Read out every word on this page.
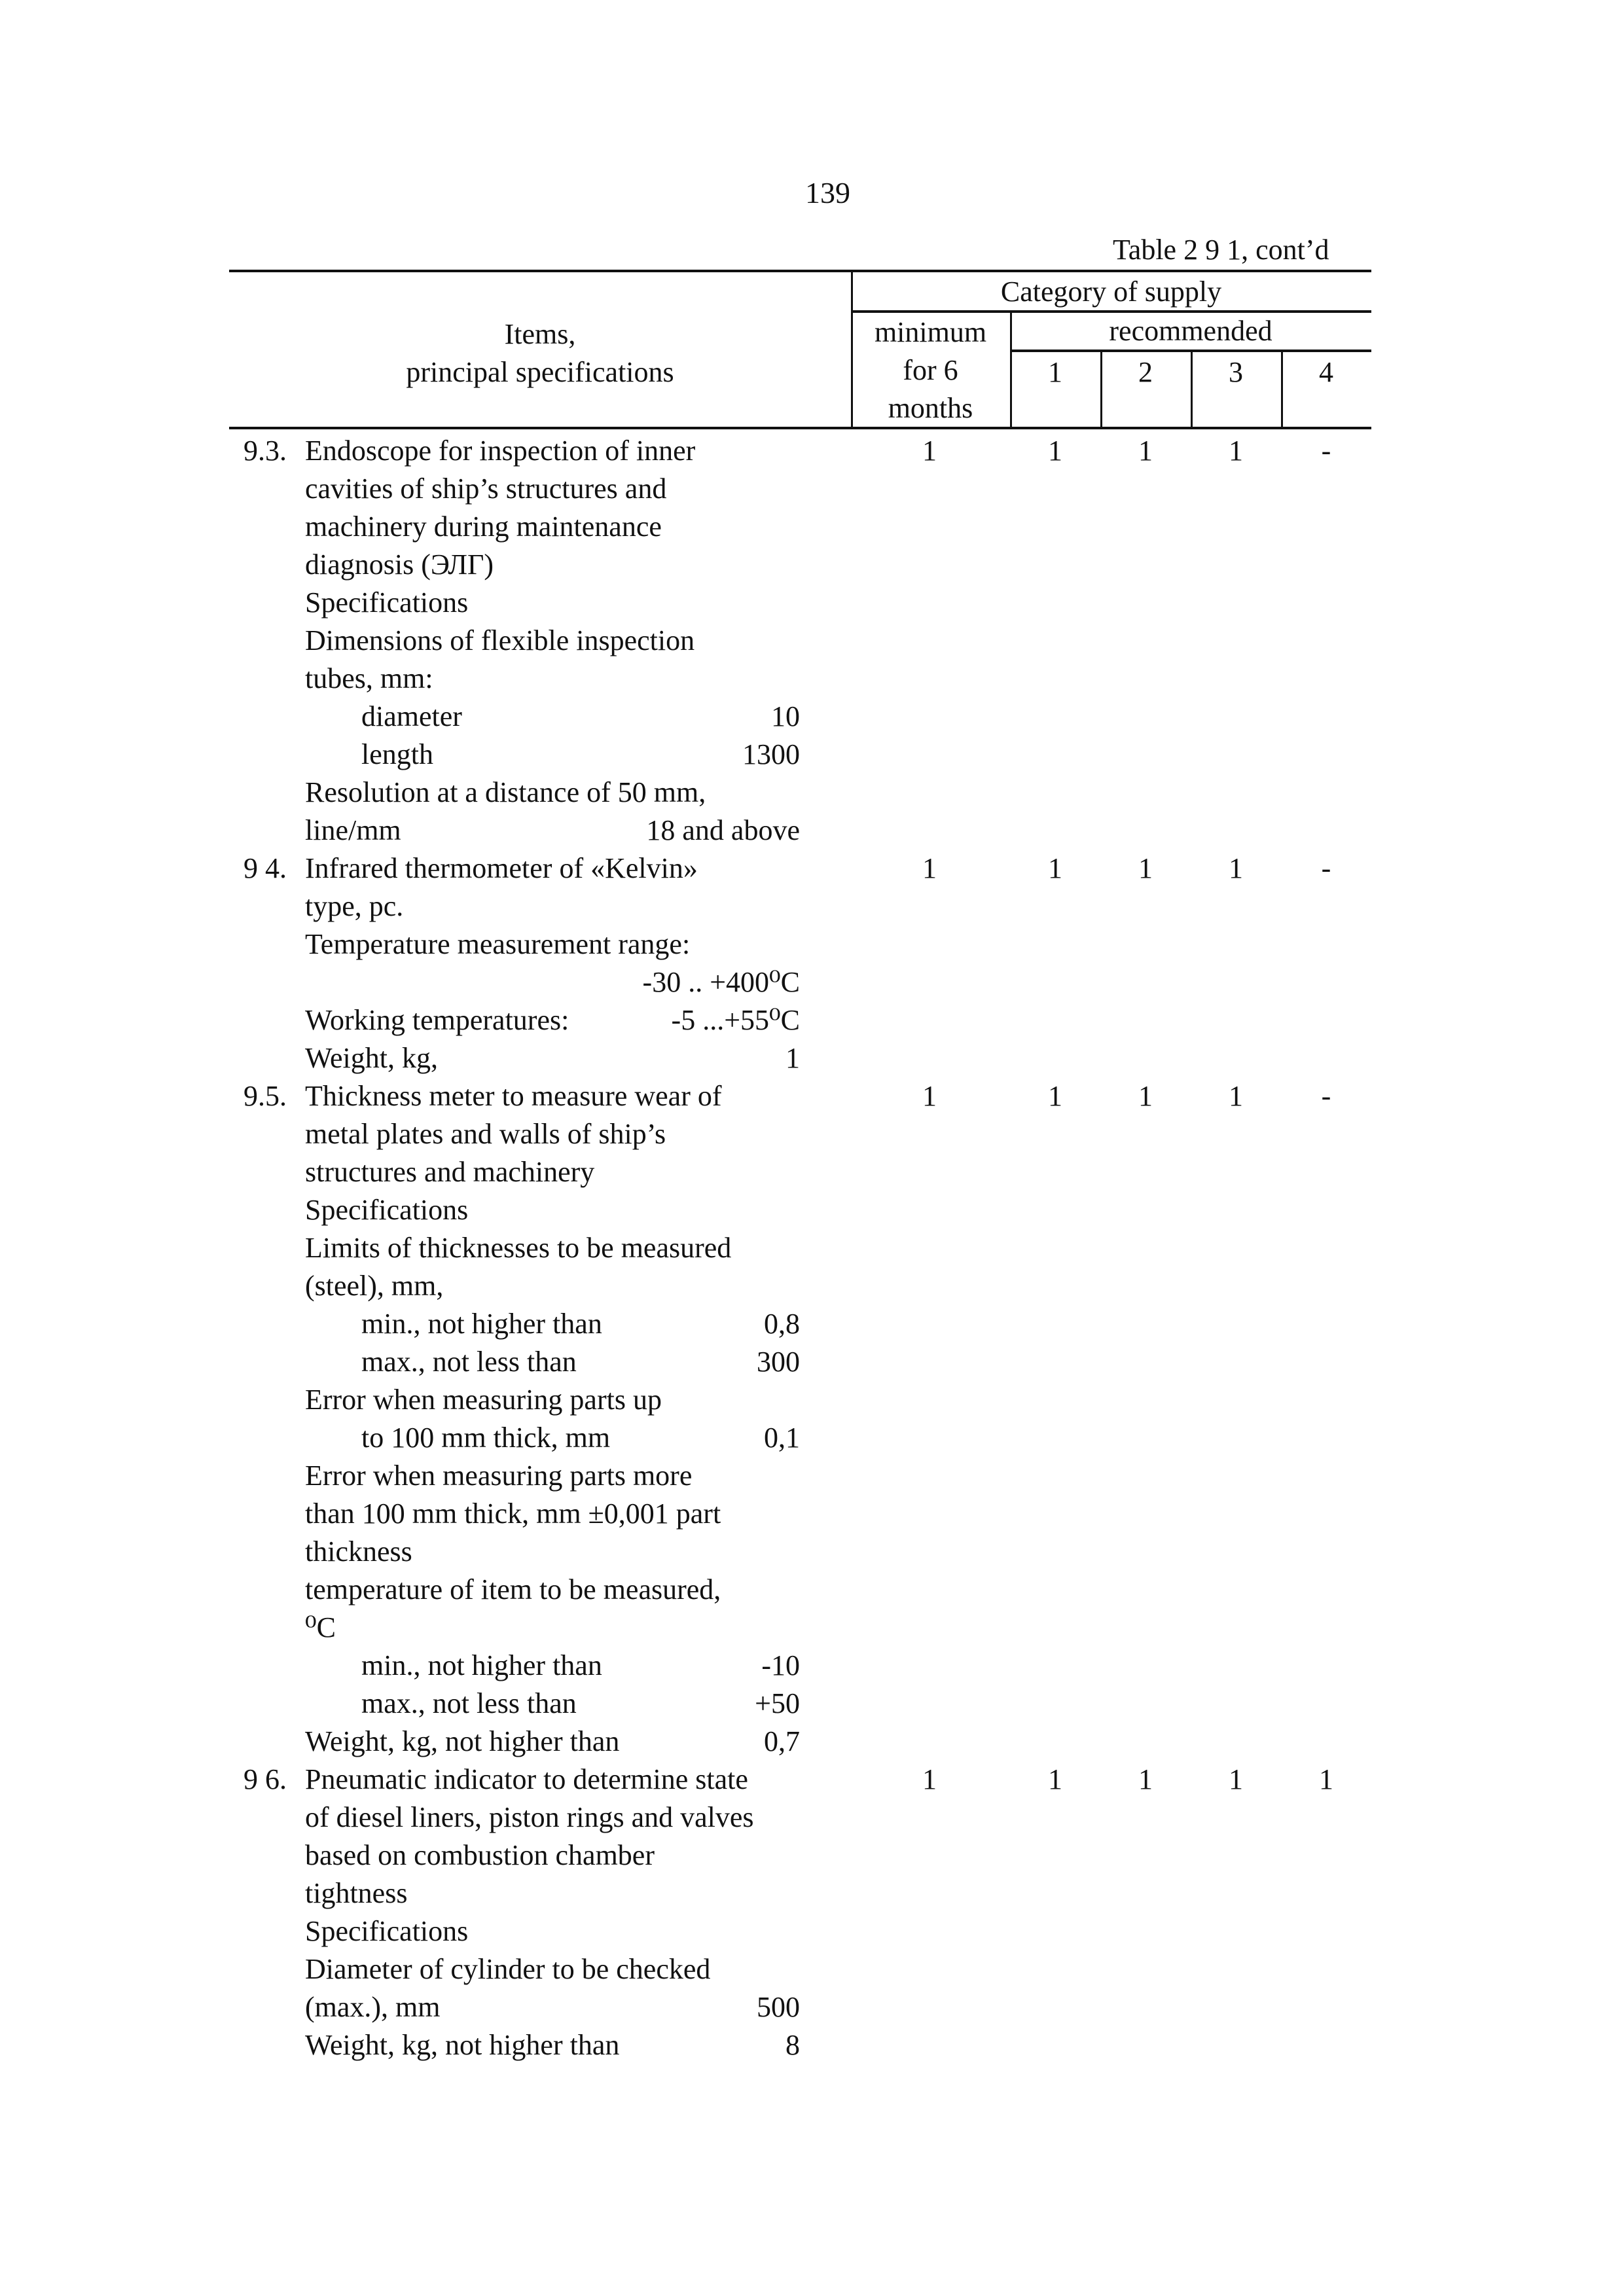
139
Table 2 9 1, cont’d
Items,
principal specifications
Category of supply
minimum
for 6
months
recommended
1	2	3	4
9.3. Endoscope for inspection of inner
cavities of ship’s structures and
machinery during maintenance
diagnosis (ЭЛГ)
Specifications
Dimensions of flexible inspection
tubes, mm:
diameter	10
length	1300
Resolution at a distance of 50 mm,
line/mm	18 and above
1	1	1	1	-
9 4. Infrared thermometer of «Kelvin»
type, pc.
Temperature measurement range:
-30 .. +400⁰C
Working temperatures:	-5 ...+55⁰C
Weight, kg,	1
1	1	1	1	-
9.5. Thickness meter to measure wear of
metal plates and walls of ship’s
structures and machinery
Specifications
Limits of thicknesses to be measured
(steel), mm,
min., not higher than	0,8
max., not less than	300
Error when measuring parts up
to 100 mm thick, mm	0,1
Error when measuring parts more
than 100 mm thick, mm ±0,001 part
thickness
temperature of item to be measured,
⁰C
min., not higher than	-10
max., not less than	+50
Weight, kg, not higher than	0,7
1	1	1	1	-
9 6. Pneumatic indicator to determine state
of diesel liners, piston rings and valves
based on combustion chamber
tightness
Specifications
Diameter of cylinder to be checked
(max.), mm	500
Weight, kg, not higher than	8
1	1	1	1	1
